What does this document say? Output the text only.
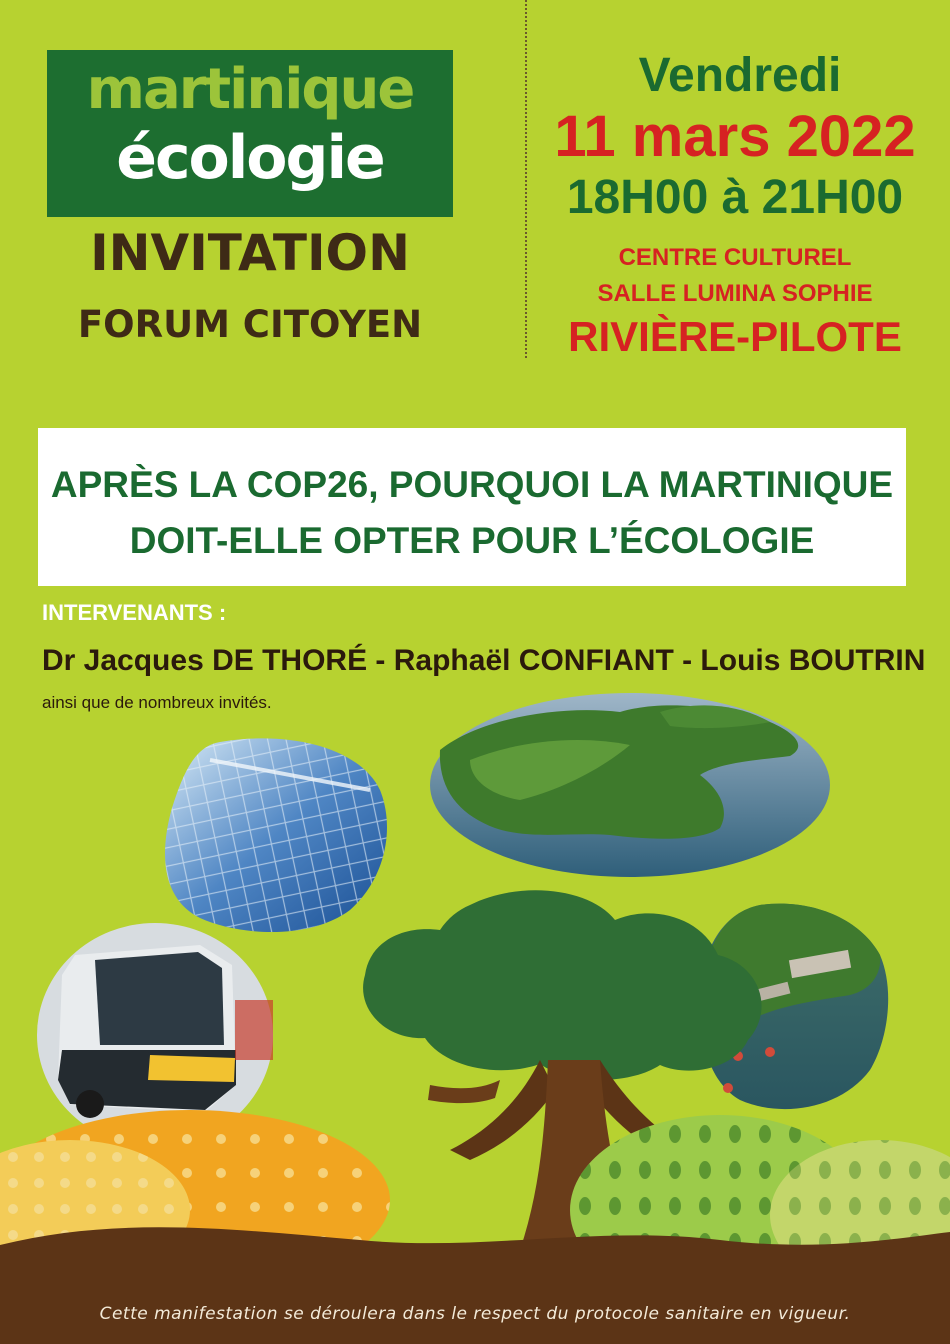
martinique
écologie
INVITATION
FORUM CITOYEN
Vendredi
11 mars 2022
18H00 à 21H00
CENTRE CULTUREL
SALLE LUMINA SOPHIE
RIVIÈRE-PILOTE
APRÈS LA COP26, POURQUOI LA MARTINIQUE
DOIT-ELLE OPTER POUR L’ÉCOLOGIE
INTERVENANTS :
Dr Jacques DE THORÉ - Raphaël CONFIANT - Louis BOUTRIN
ainsi que de nombreux invités.
Cette manifestation se déroulera dans le respect du protocole sanitaire en vigueur.
